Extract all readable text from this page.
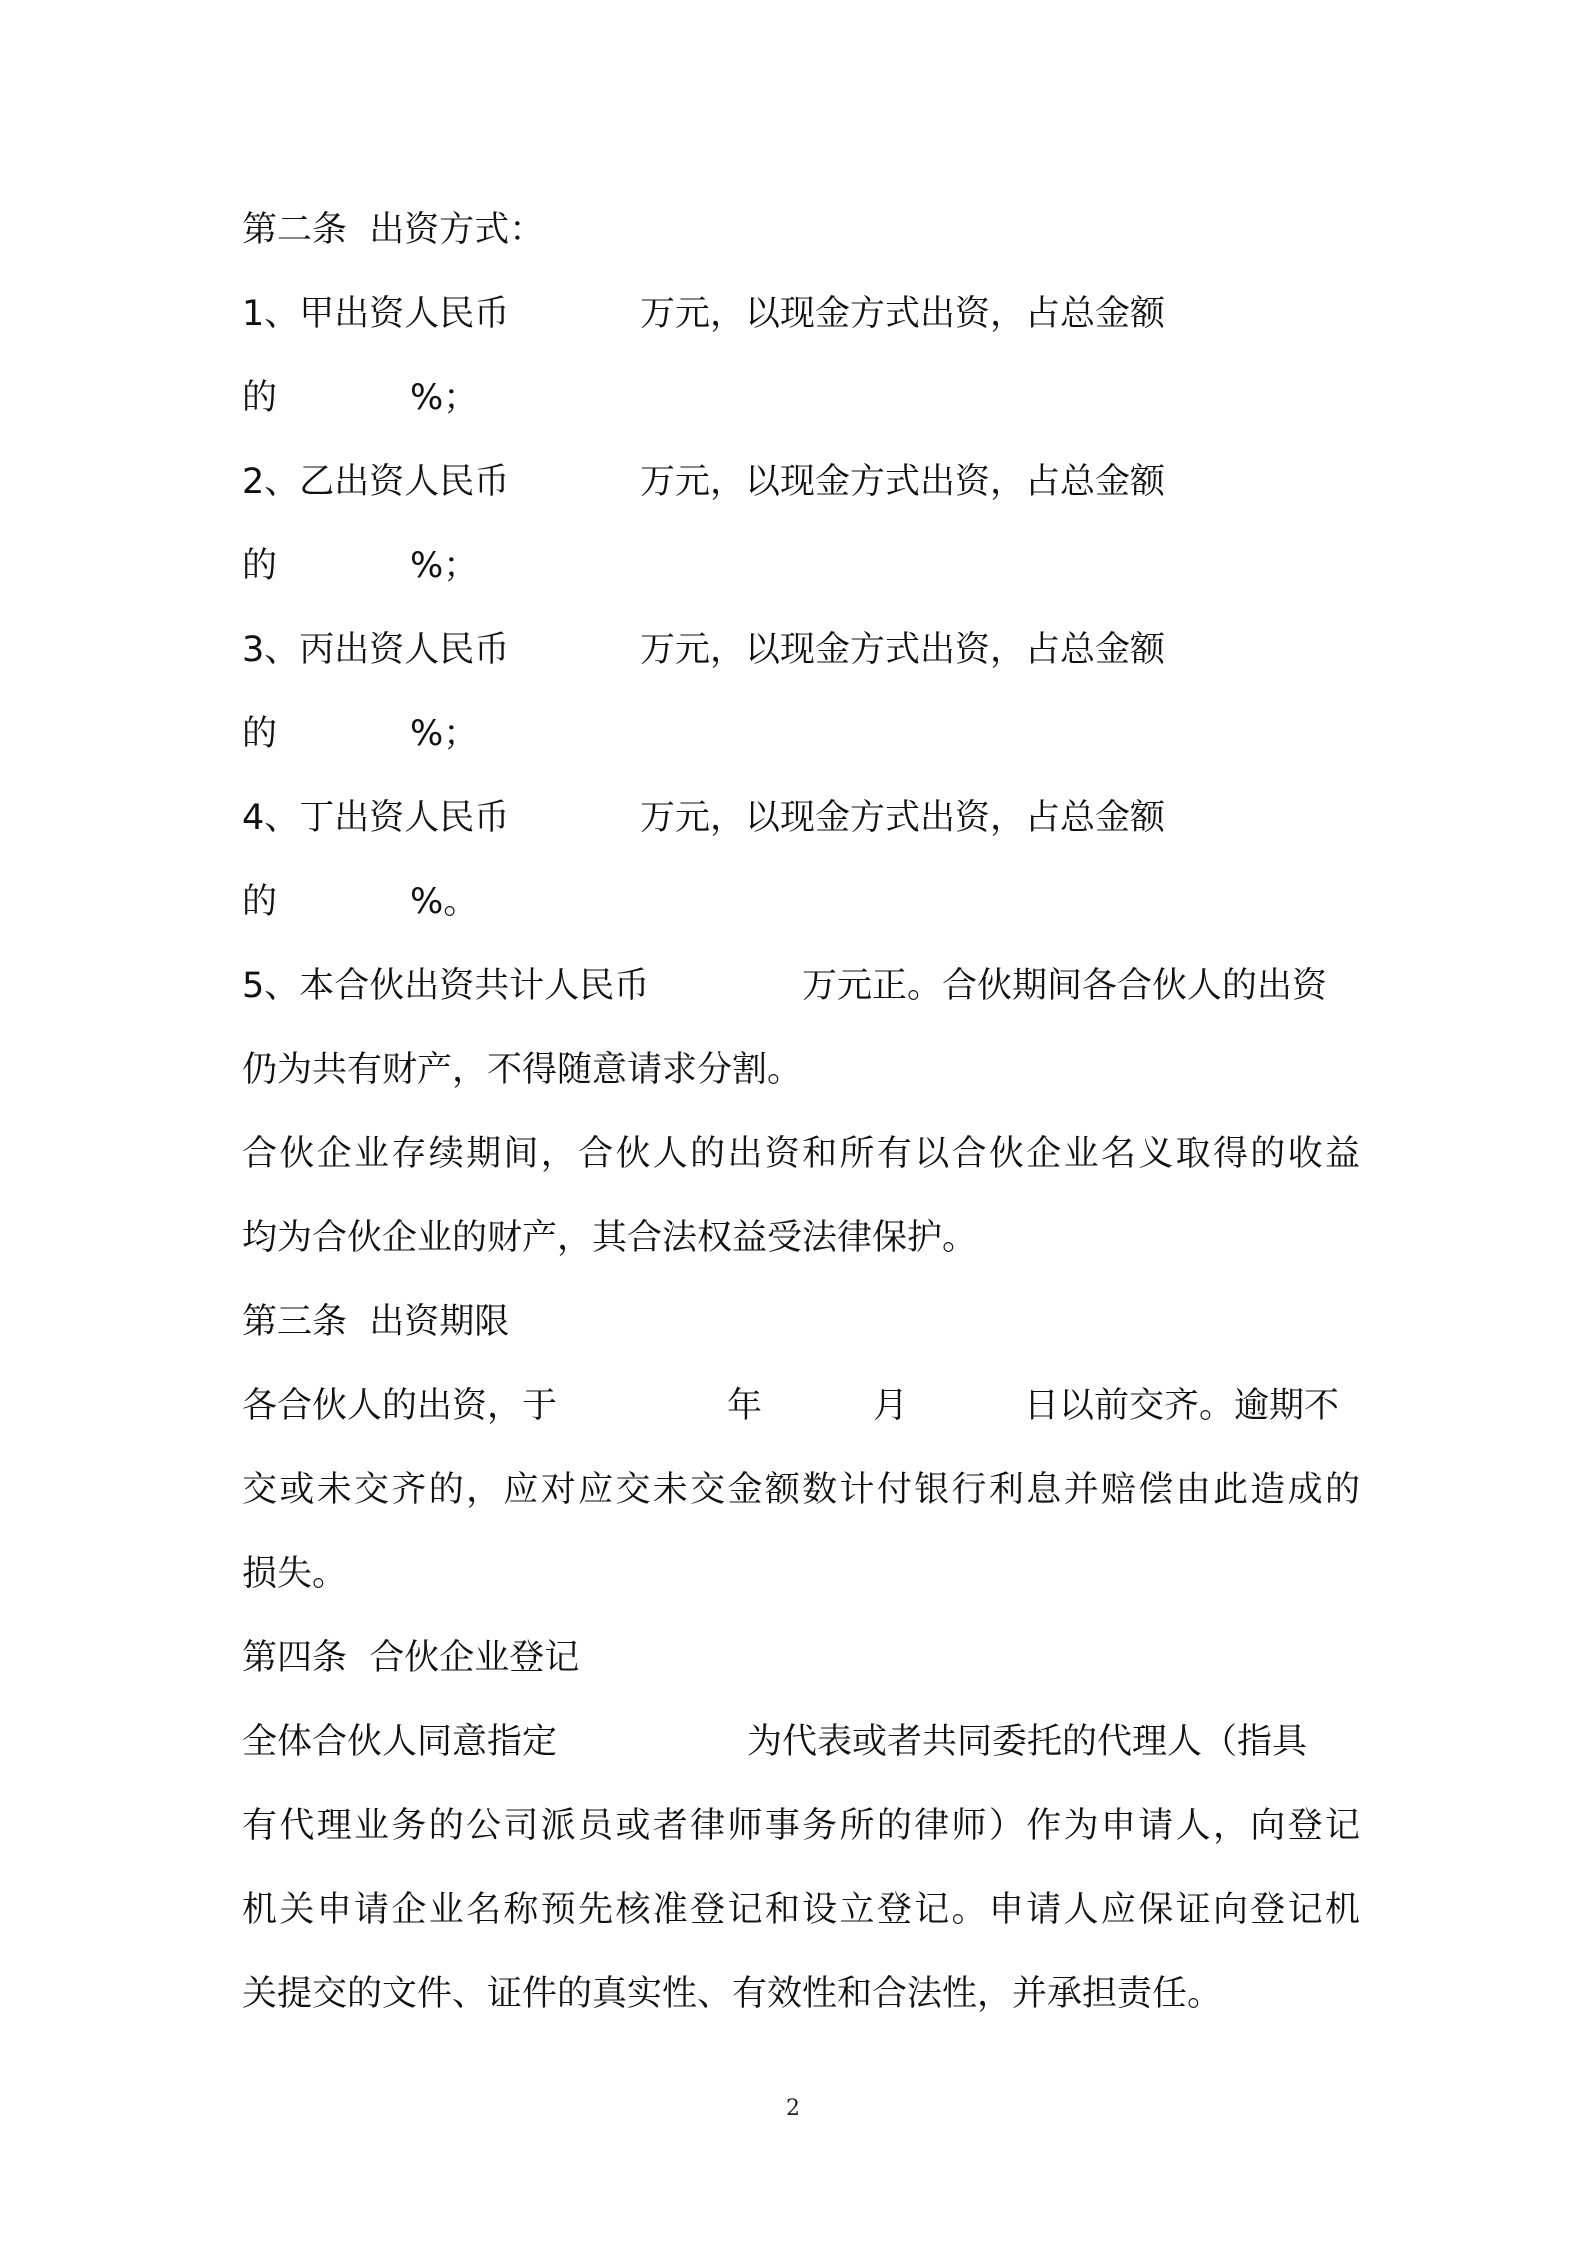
第二条  出资方式：

1、甲出资人民币	万元，以现金方式出资，占总金额

的	%；

2、乙出资人民币	万元，以现金方式出资，占总金额

的	%；

3、丙出资人民币	万元，以现金方式出资，占总金额

的	%；

4、丁出资人民币	万元，以现金方式出资，占总金额

的	%。

5、本合伙出资共计人民币	万元正。合伙期间各合伙人的出资

仍为共有财产，不得随意请求分割。

合伙企业存续期间，合伙人的出资和所有以合伙企业名义取得的收益

均为合伙企业的财产，其合法权益受法律保护。

第三条  出资期限

各合伙人的出资，于	年	月	日以前交齐。逾期不

交或未交齐的，应对应交未交金额数计付银行利息并赔偿由此造成的

损失。

第四条  合伙企业登记

全体合伙人同意指定	为代表或者共同委托的代理人（指具

有代理业务的公司派员或者律师事务所的律师）作为申请人，向登记

机关申请企业名称预先核准登记和设立登记。申请人应保证向登记机

关提交的文件、证件的真实性、有效性和合法性，并承担责任。

2
